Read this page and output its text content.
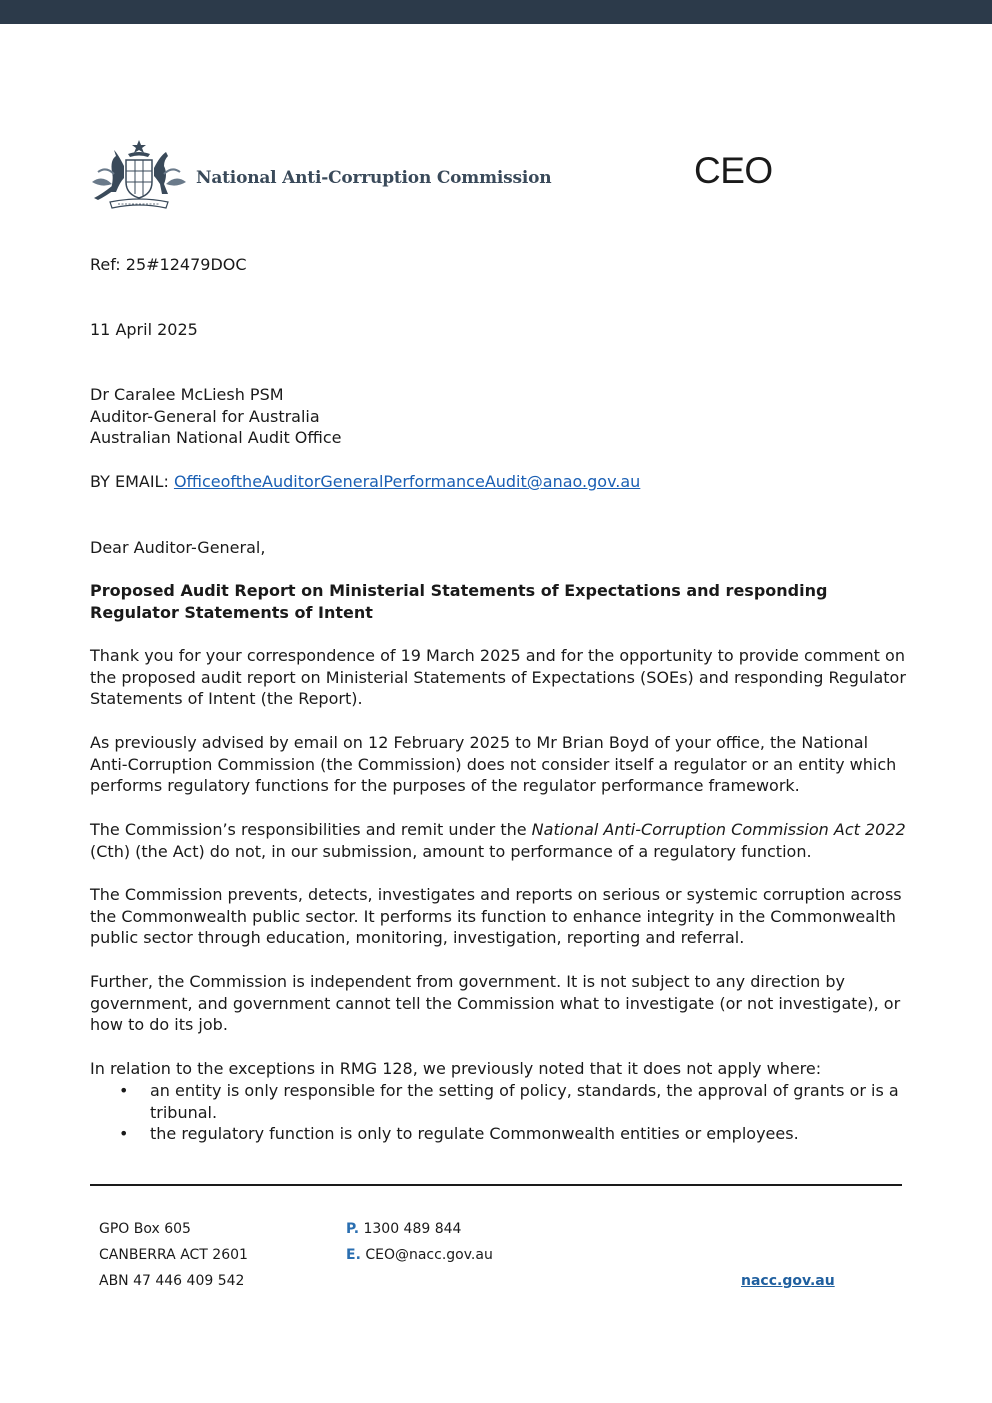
National Anti-Corruption Commission	CEO
Ref: 25#12479DOC
11 April 2025
Dr Caralee McLiesh PSM
Auditor-General for Australia
Australian National Audit Office
BY EMAIL: OfficeoftheAuditorGeneralPerformanceAudit@anao.gov.au
Dear Auditor-General,
Proposed Audit Report on Ministerial Statements of Expectations and responding Regulator Statements of Intent
Thank you for your correspondence of 19 March 2025 and for the opportunity to provide comment on the proposed audit report on Ministerial Statements of Expectations (SOEs) and responding Regulator Statements of Intent (the Report).
As previously advised by email on 12 February 2025 to Mr Brian Boyd of your office, the National Anti-Corruption Commission (the Commission) does not consider itself a regulator or an entity which performs regulatory functions for the purposes of the regulator performance framework.
The Commission’s responsibilities and remit under the National Anti-Corruption Commission Act 2022 (Cth) (the Act) do not, in our submission, amount to performance of a regulatory function.
The Commission prevents, detects, investigates and reports on serious or systemic corruption across the Commonwealth public sector. It performs its function to enhance integrity in the Commonwealth public sector through education, monitoring, investigation, reporting and referral.
Further, the Commission is independent from government. It is not subject to any direction by government, and government cannot tell the Commission what to investigate (or not investigate), or how to do its job.
In relation to the exceptions in RMG 128, we previously noted that it does not apply where:
• an entity is only responsible for the setting of policy, standards, the approval of grants or is a tribunal.
• the regulatory function is only to regulate Commonwealth entities or employees.
GPO Box 605
CANBERRA ACT 2601
ABN 47 446 409 542
P. 1300 489 844
E. CEO@nacc.gov.au
nacc.gov.au
